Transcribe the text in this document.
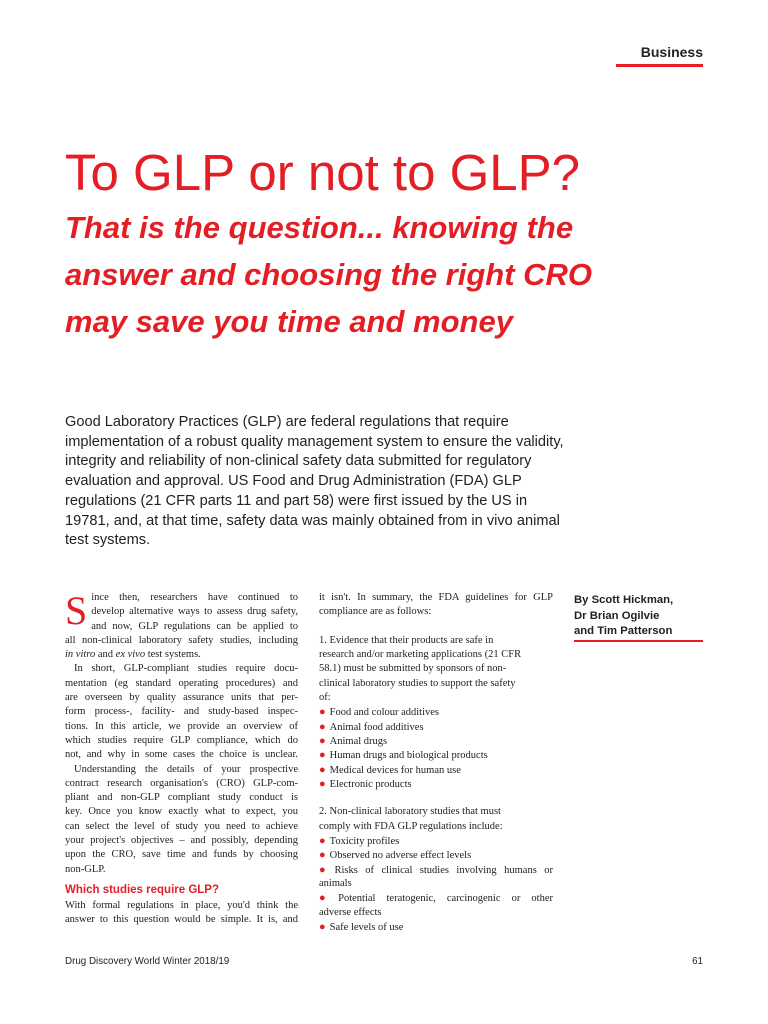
Business
To GLP or not to GLP?
That is the question... knowing the
answer and choosing the right CRO
may save you time and money
Good Laboratory Practices (GLP) are federal regulations that require
implementation of a robust quality management system to ensure the validity,
integrity and reliability of non-clinical safety data submitted for regulatory
evaluation and approval. US Food and Drug Administration (FDA) GLP
regulations (21 CFR parts 11 and part 58) were first issued by the US in
19781, and, at that time, safety data was mainly obtained from in vivo animal
test systems.
S ince then, researchers have continued to
develop alternative ways to assess drug safety,
and now, GLP regulations can be applied to
all non-clinical laboratory safety studies, including
in vitro and ex vivo test systems.
In short, GLP-compliant studies require docu-
mentation (eg standard operating procedures) and
are overseen by quality assurance units that per-
form process-, facility- and study-based inspec-
tions. In this article, we provide an overview of
which studies require GLP compliance, which do
not, and why in some cases the choice is unclear.
Understanding the details of your prospective
contract research organisation's (CRO) GLP-com-
pliant and non-GLP compliant study conduct is
key. Once you know exactly what to expect, you
can select the level of study you need to achieve
your project's objectives – and possibly, depending
upon the CRO, save time and funds by choosing
non-GLP.
Which studies require GLP?
With formal regulations in place, you'd think the
answer to this question would be simple. It is, and
it isn't. In summary, the FDA guidelines for GLP
compliance are as follows:
1. Evidence that their products are safe in
research and/or marketing applications (21 CFR
58.1) must be submitted by sponsors of non-
clinical laboratory studies to support the safety
of:
● Food and colour additives
● Animal food additives
● Animal drugs
● Human drugs and biological products
● Medical devices for human use
● Electronic products
2. Non-clinical laboratory studies that must
comply with FDA GLP regulations include:
● Toxicity profiles
● Observed no adverse effect levels
● Risks of clinical studies involving humans or
animals
● Potential teratogenic, carcinogenic or other
adverse effects
● Safe levels of use
By Scott Hickman,
Dr Brian Ogilvie
and Tim Patterson
Drug Discovery World Winter 2018/19	61
